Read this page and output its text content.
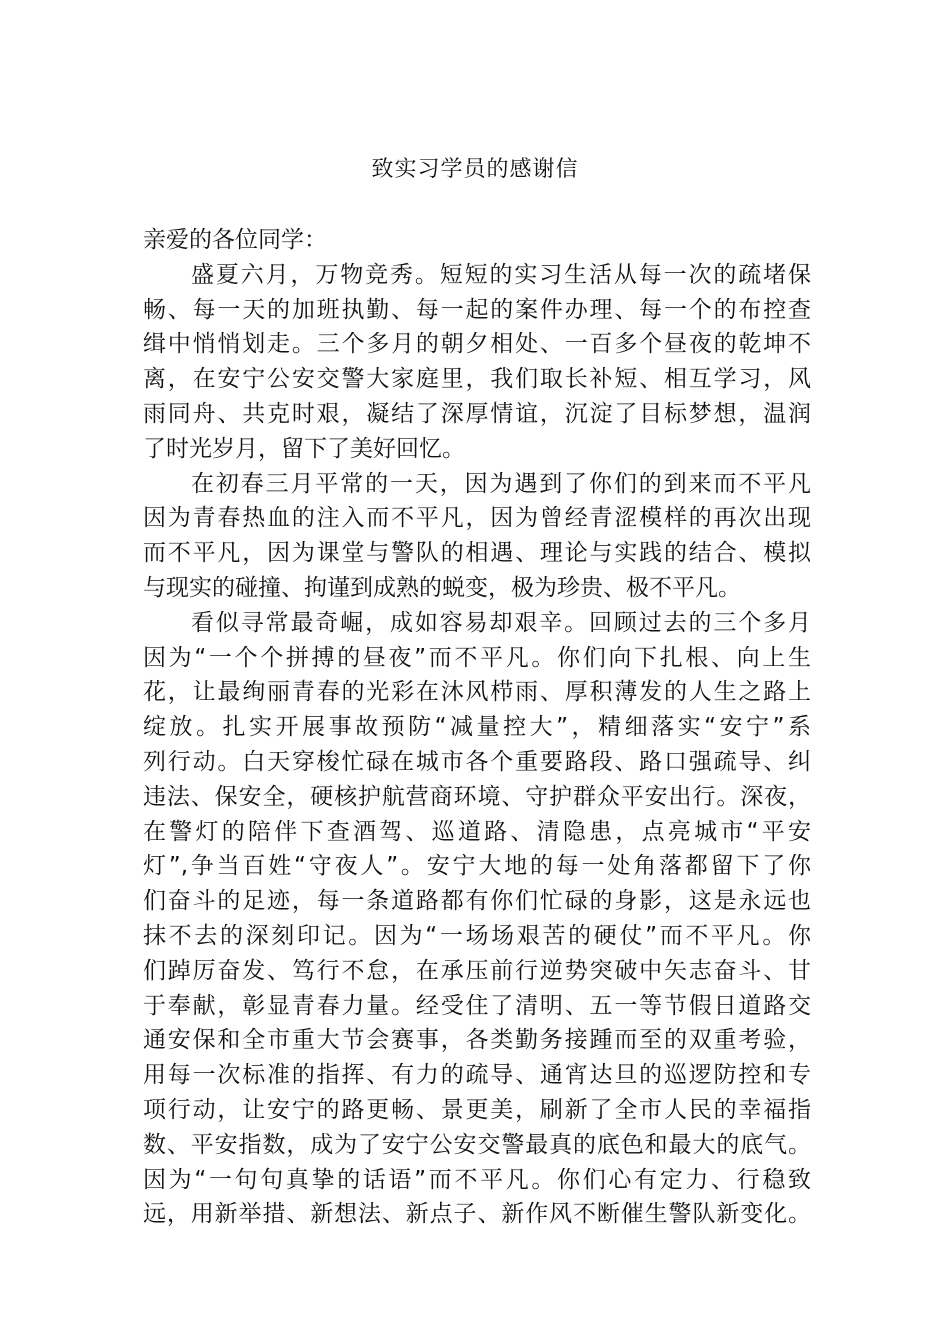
致实习学员的感谢信
亲爱的各位同学：
盛夏六月，万物竞秀。短短的实习生活从每一次的疏堵保
畅、每一天的加班执勤、每一起的案件办理、每一个的布控查
缉中悄悄划走。三个多月的朝夕相处、一百多个昼夜的乾坤不
离，在安宁公安交警大家庭里，我们取长补短、相互学习，风
雨同舟、共克时艰，凝结了深厚情谊，沉淀了目标梦想，温润
了时光岁月，留下了美好回忆。
在初春三月平常的一天，因为遇到了你们的到来而不平凡
因为青春热血的注入而不平凡，因为曾经青涩模样的再次出现
而不平凡，因为课堂与警队的相遇、理论与实践的结合、模拟
与现实的碰撞、拘谨到成熟的蜕变，极为珍贵、极不平凡。
看似寻常最奇崛，成如容易却艰辛。回顾过去的三个多月
因为“一个个拼搏的昼夜”而不平凡。你们向下扎根、向上生
花，让最绚丽青春的光彩在沐风栉雨、厚积薄发的人生之路上
绽放。扎实开展事故预防“减量控大”，精细落实“安宁”系
列行动。白天穿梭忙碌在城市各个重要路段、路口强疏导、纠
违法、保安全，硬核护航营商环境、守护群众平安出行。深夜，
在警灯的陪伴下查酒驾、巡道路、清隐患，点亮城市“平安
灯”,争当百姓“守夜人”。安宁大地的每一处角落都留下了你
们奋斗的足迹，每一条道路都有你们忙碌的身影，这是永远也
抹不去的深刻印记。因为“一场场艰苦的硬仗”而不平凡。你
们踔厉奋发、笃行不怠，在承压前行逆势突破中矢志奋斗、甘
于奉献，彰显青春力量。经受住了清明、五一等节假日道路交
通安保和全市重大节会赛事，各类勤务接踵而至的双重考验，
用每一次标准的指挥、有力的疏导、通宵达旦的巡逻防控和专
项行动，让安宁的路更畅、景更美，刷新了全市人民的幸福指
数、平安指数，成为了安宁公安交警最真的底色和最大的底气。
因为“一句句真挚的话语”而不平凡。你们心有定力、行稳致
远，用新举措、新想法、新点子、新作风不断催生警队新变化。
